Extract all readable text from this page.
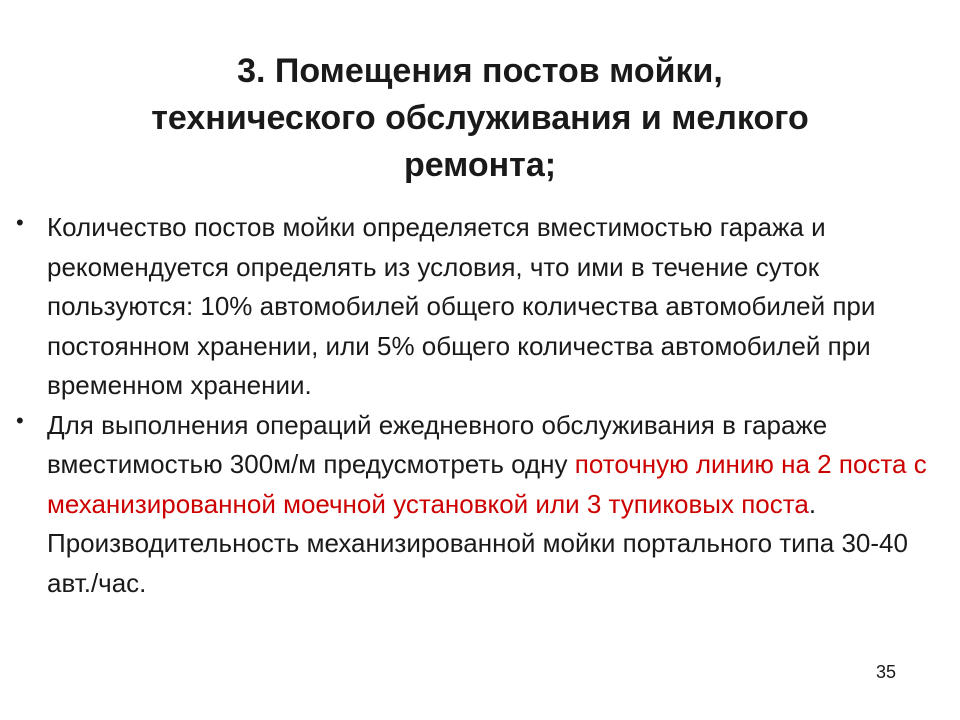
3. Помещения постов мойки,
технического обслуживания и мелкого
ремонта;
• Количество постов мойки определяется вместимостью гаража и рекомендуется определять из условия, что ими в течение суток пользуются: 10% автомобилей общего количества автомобилей при постоянном хранении, или 5% общего количества автомобилей при временном хранении.
• Для выполнения операций ежедневного обслуживания в гараже вместимостью 300м/м предусмотреть одну поточную линию на 2 поста с механизированной моечной установкой или 3 тупиковых поста. Производительность механизированной мойки портального типа 30-40 авт./час.
35
